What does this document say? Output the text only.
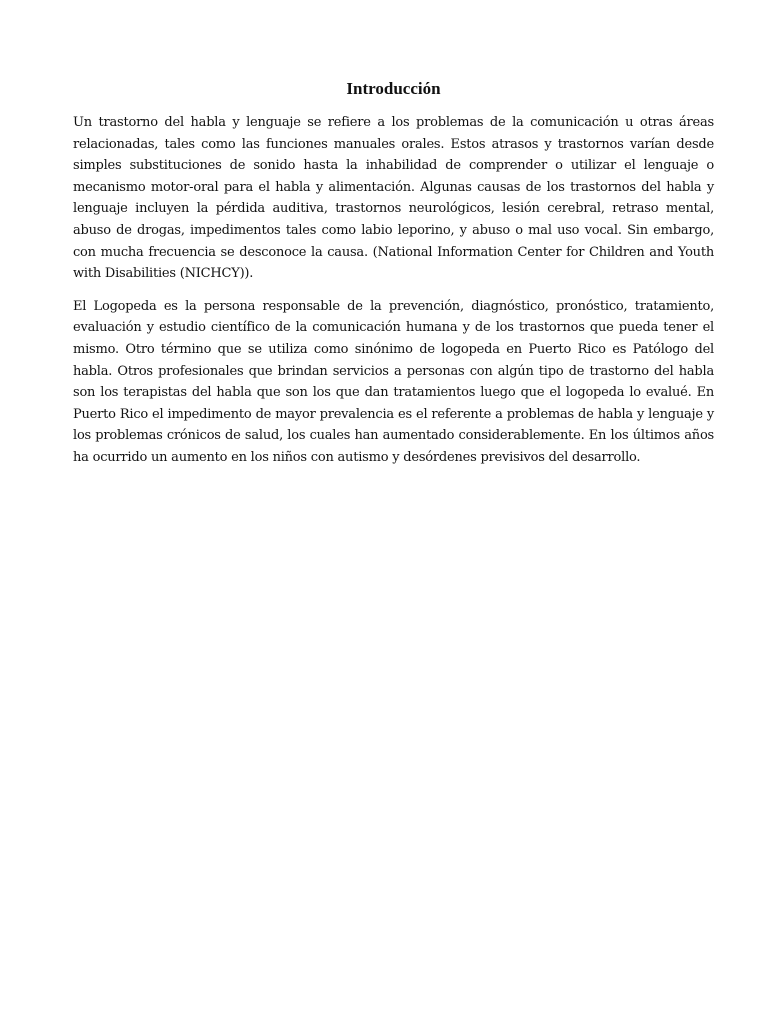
Introducción

Un trastorno del habla y lenguaje se refiere a los problemas de la comunicación u otras áreas relacionadas, tales como las funciones manuales orales. Estos atrasos y trastornos varían desde simples substituciones de sonido hasta la inhabilidad de comprender o utilizar el lenguaje o mecanismo motor-oral para el habla y alimentación. Algunas causas de los trastornos del habla y lenguaje incluyen la pérdida auditiva, trastornos neurológicos, lesión cerebral, retraso mental, abuso de drogas, impedimentos tales como labio leporino, y abuso o mal uso vocal. Sin embargo, con mucha frecuencia se desconoce la causa. (National Information Center for Children and Youth with Disabilities (NICHCY)).

El Logopeda es la persona responsable de la prevención, diagnóstico, pronóstico, tratamiento, evaluación y estudio científico de la comunicación humana y de los trastornos que pueda tener el mismo. Otro término que se utiliza como sinónimo de logopeda en Puerto Rico es Patólogo del habla. Otros profesionales que brindan servicios a personas con algún tipo de trastorno del habla son los terapistas del habla que son los que dan tratamientos luego que el logopeda lo evalué. En Puerto Rico el impedimento de mayor prevalencia es el referente a problemas de habla y lenguaje y los problemas crónicos de salud, los cuales han aumentado considerablemente. En los últimos años ha ocurrido un aumento en los niños con autismo y desórdenes previsivos del desarrollo.
